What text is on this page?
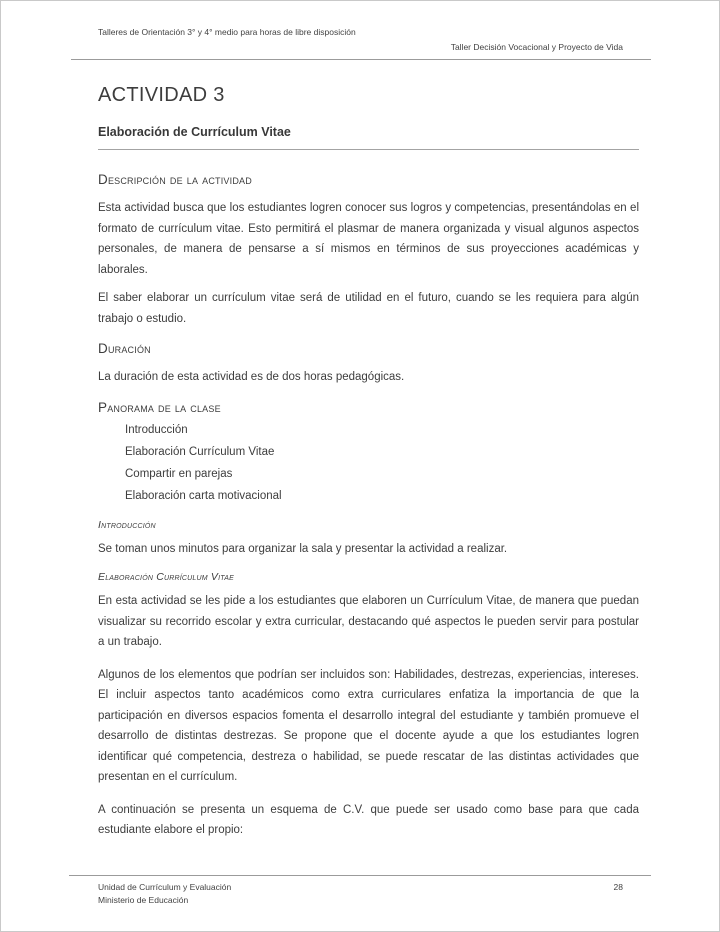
Talleres de Orientación 3° y 4° medio para horas de libre disposición
Taller Decisión Vocacional y Proyecto de Vida
ACTIVIDAD 3
Elaboración de Currículum Vitae
Descripción de la actividad

Esta actividad busca que los estudiantes logren conocer sus logros y competencias, presentándolas en el formato de currículum vitae. Esto permitirá el plasmar de manera organizada y visual algunos aspectos personales, de manera de pensarse a sí mismos en términos de sus proyecciones académicas y laborales.

El saber elaborar un currículum vitae será de utilidad en el futuro, cuando se les requiera para algún trabajo o estudio.

Duración

La duración de esta actividad es de dos horas pedagógicas.

Panorama de la clase
Introducción
Elaboración Currículum Vitae
Compartir en parejas
Elaboración carta motivacional
Introducción

Se toman unos minutos para organizar la sala y presentar la actividad a realizar.

Elaboración Currículum Vitae

En esta actividad se les pide a los estudiantes que elaboren un Currículum Vitae, de manera que puedan visualizar su recorrido escolar y extra curricular, destacando qué aspectos le pueden servir para postular a un trabajo.

Algunos de los elementos que podrían ser incluidos son: Habilidades, destrezas, experiencias, intereses. El incluir aspectos tanto académicos como extra curriculares enfatiza la importancia de que la participación en diversos espacios fomenta el desarrollo integral del estudiante y también promueve el desarrollo de distintas destrezas. Se propone que el docente ayude a que los estudiantes logren identificar qué competencia, destreza o habilidad, se puede rescatar de las distintas actividades que presentan en el currículum.

A continuación se presenta un esquema de C.V. que puede ser usado como base para que cada estudiante elabore el propio:

Unidad de Currículum y Evaluación
Ministerio de Educación
28
